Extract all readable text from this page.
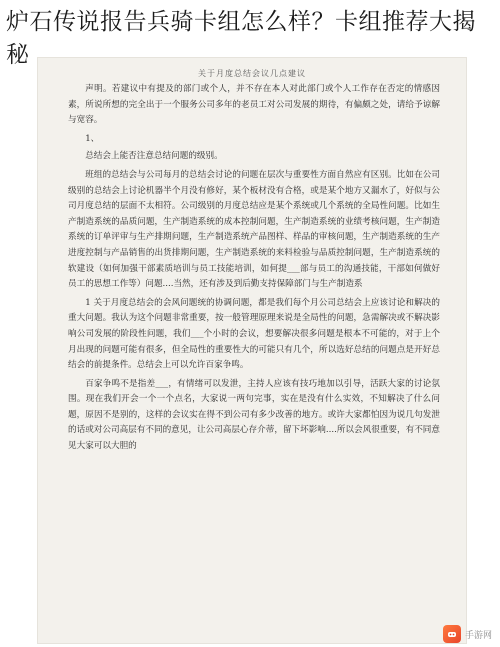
炉石传说报告兵骑卡组怎么样？卡组推荐大揭秘
关于月度总结会议几点建议

声明。若建议中有提及的部门或个人，并不存在本人对此部门或个人工作存在否定的情感因素，所说所想的完全出于一个服务公司多年的老员工对公司发展的期待，有偏颇之处，请给予谅解与宽容。

1、

总结会上能否注意总结问题的级别。

班组的总结会与公司每月的总结会讨论的问题在层次与重要性方面自然应有区别。比如在公司级别的总结会上讨论机器半个月没有修好，某个板材没有合格，或是某个地方又漏水了，好似与公司月度总结的层面不太相符。公司级别的月度总结应是某个系统或几个系统的全局性问题。比如生产制造系统的品质问题，生产制造系统的成本控制问题，生产制造系统的业绩考核问题，生产制造系统的订单评审与生产排期问题，生产制造系统产品图样、样品的审核问题，生产制造系统的生产进度控制与产品销售的出货排期问题，生产制造系统的来料检验与品质控制问题，生产制造系统的软建设（如何加强干部素质培训与员工技能培训，如何提___部与员工的沟通技能，干部如何做好员工的思想工作等）问题....当然，还有涉及到后勤支持保障部门与生产制造系

1 关于月度总结会的会风问题统的协调问题，都是我们每个月公司总结会上应该讨论和解决的重大问题。我认为这个问题非常重要，按一般管理原理来说是全局性的问题，急需解决或不解决影响公司发展的阶段性问题，我们___个小时的会议，想要解决很多问题是根本不可能的，对于上个月出现的问题可能有很多，但全局性的重要性大的可能只有几个，所以选好总结的问题点是开好总结会的前提条件。总结会上可以允许百家争鸣。

百家争鸣不是指差___，有情绪可以发泄，主持人应该有技巧地加以引导，活跃大家的讨论氛围。现在我们开会一个一个点名，大家说一两句完事，实在是没有什么实效，不知解决了什么问题，原因不是别的，这样的会议实在得不到公司有多少改善的地方。或许大家都怕因为说几句发泄的话或对公司高层有不同的意见，让公司高层心存介蒂，留下坏影响....所以会风很重要，有不同意见大家可以大胆的

手游网
